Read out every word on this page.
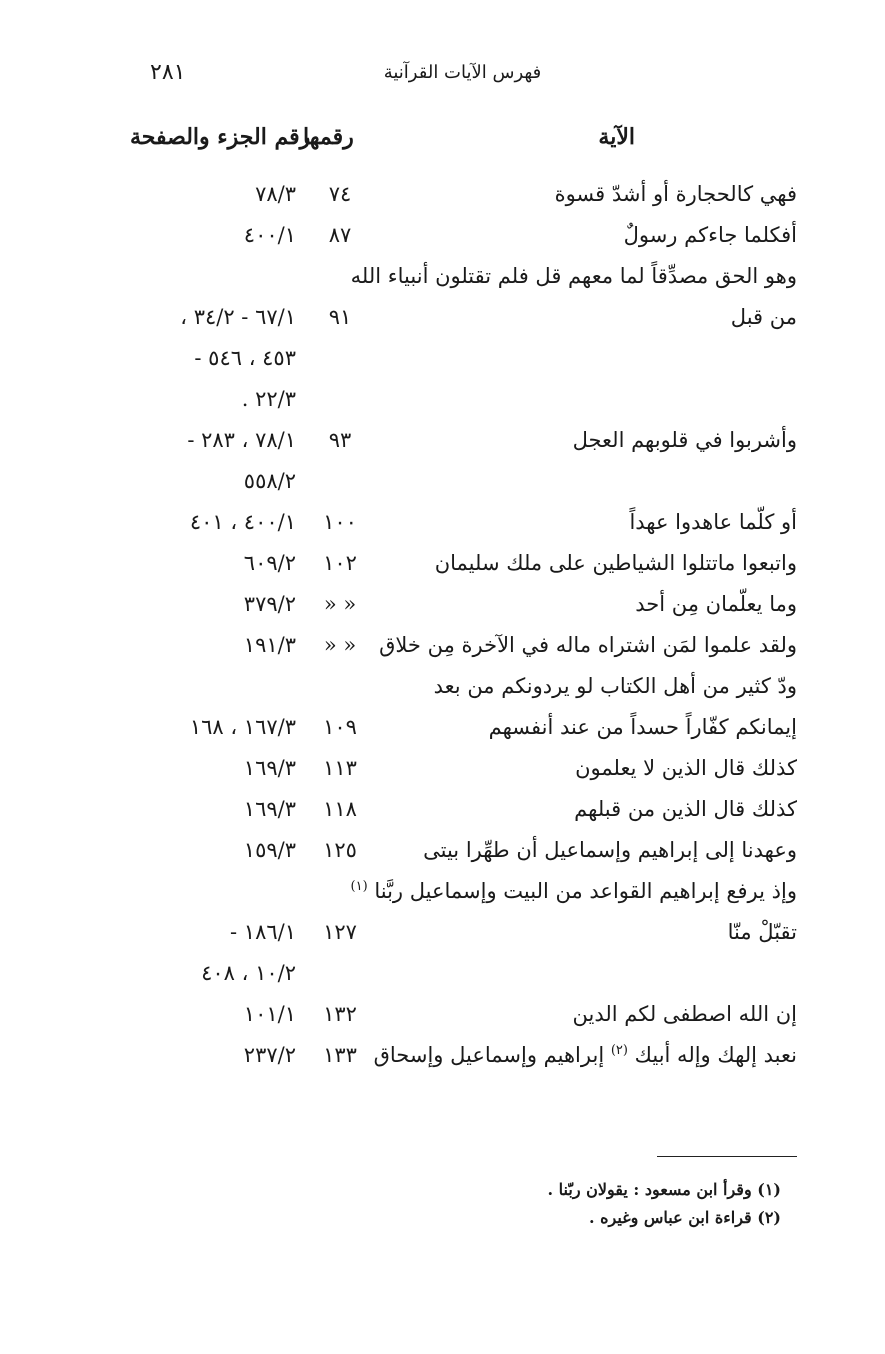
فهرس الآيات القرآنية
٢٨١
الآية
رقمها
رقم الجزء والصفحة
فهي كالحجارة أو أشدّ قسوة
٧٤
٧٨/٣
أفكلما جاءكم رسولٌ
٨٧
٤٠٠/١
وهو الحق مصدِّقاً لما معهم قل فلم تقتلون أنبياء الله
من قبل
٩١
٦٧/١ - ٣٤/٢ ،
٤٥٣ ، ٥٤٦ -
٢٢/٣ .
وأشربوا في قلوبهم العجل
٩٣
٧٨/١ ، ٢٨٣ -
٥٥٨/٢
أو كلّما عاهدوا عهداً
١٠٠
٤٠٠/١ ، ٤٠١
واتبعوا ماتتلوا الشياطين على ملك سليمان
١٠٢
٦٠٩/٢
وما يعلّمان مِن أحد
« «
٣٧٩/٢
ولقد علموا لمَن اشتراه ماله في الآخرة مِن خلاق
« «
١٩١/٣
ودّ كثير من أهل الكتاب لو يردونكم من بعد
إيمانكم كفّاراً حسداً من عند أنفسهم
١٠٩
١٦٧/٣ ، ١٦٨
كذلك قال الذين لا يعلمون
١١٣
١٦٩/٣
كذلك قال الذين من قبلهم
١١٨
١٦٩/٣
وعهدنا إلى إبراهيم وإسماعيل أن طهِّرا بيتى
١٢٥
١٥٩/٣
وإذ يرفع إبراهيم القواعد من البيت وإسماعيل ربَّنا $^{(١)}$
تقبّلْ منّا
١٢٧
١٨٦/١ -
١٠/٢ ، ٤٠٨
إن الله اصطفى لكم الدين
١٣٢
١٠١/١
نعبد إلهك وإله أبيك $^{(٢)}$ إبراهيم وإسماعيل وإسحاق
١٣٣
٢٣٧/٢
(١) وقرأ ابن مسعود : يقولان ربّنا .
(٢) قراءة ابن عباس وغيره .
